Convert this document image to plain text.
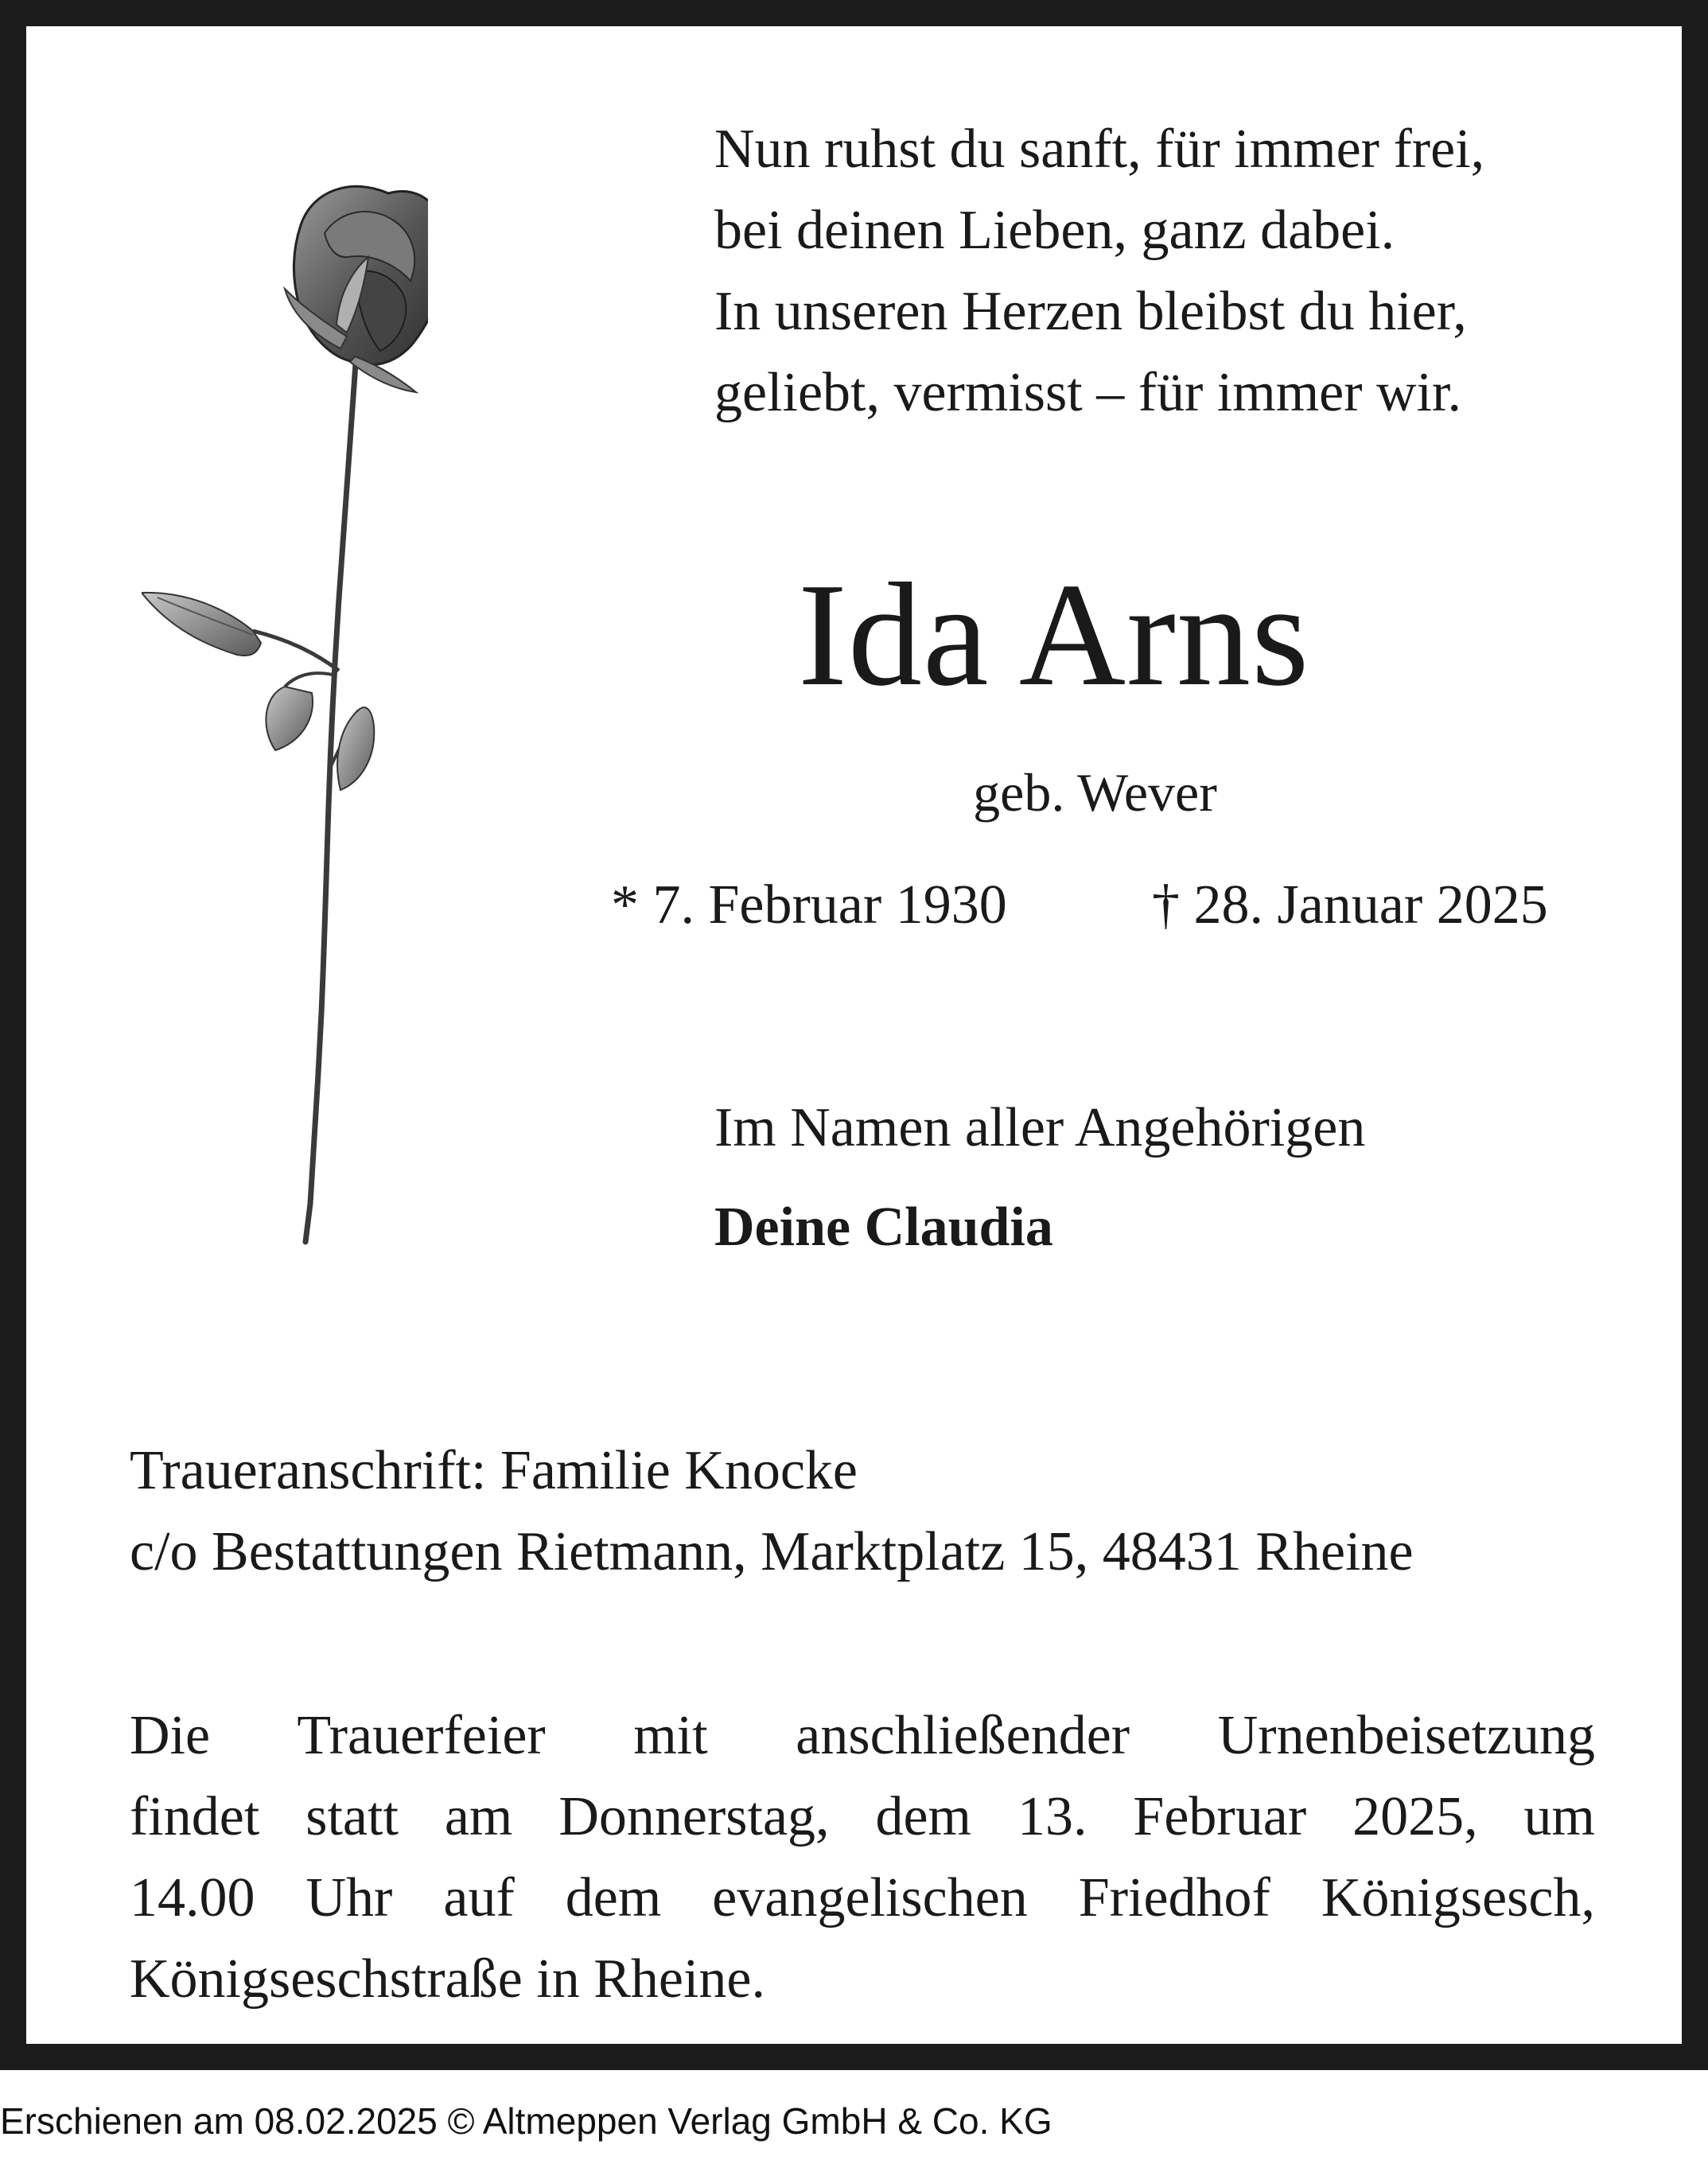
Nun ruhst du sanft, für immer frei,
bei deinen Lieben, ganz dabei.
In unseren Herzen bleibst du hier,
geliebt, vermisst – für immer wir.
Ida Arns
geb. Wever
* 7. Februar 1930	† 28. Januar 2025
Im Namen aller Angehörigen
Deine Claudia
Traueranschrift: Familie Knocke
c/o Bestattungen Rietmann, Marktplatz 15, 48431 Rheine
Die Trauerfeier mit anschließender Urnenbeisetzung
findet statt am Donnerstag, dem 13. Februar 2025, um
14.00 Uhr auf dem evangelischen Friedhof Königsesch,
Königseschstraße in Rheine.
Erschienen am 08.02.2025 © Altmeppen Verlag GmbH & Co. KG
